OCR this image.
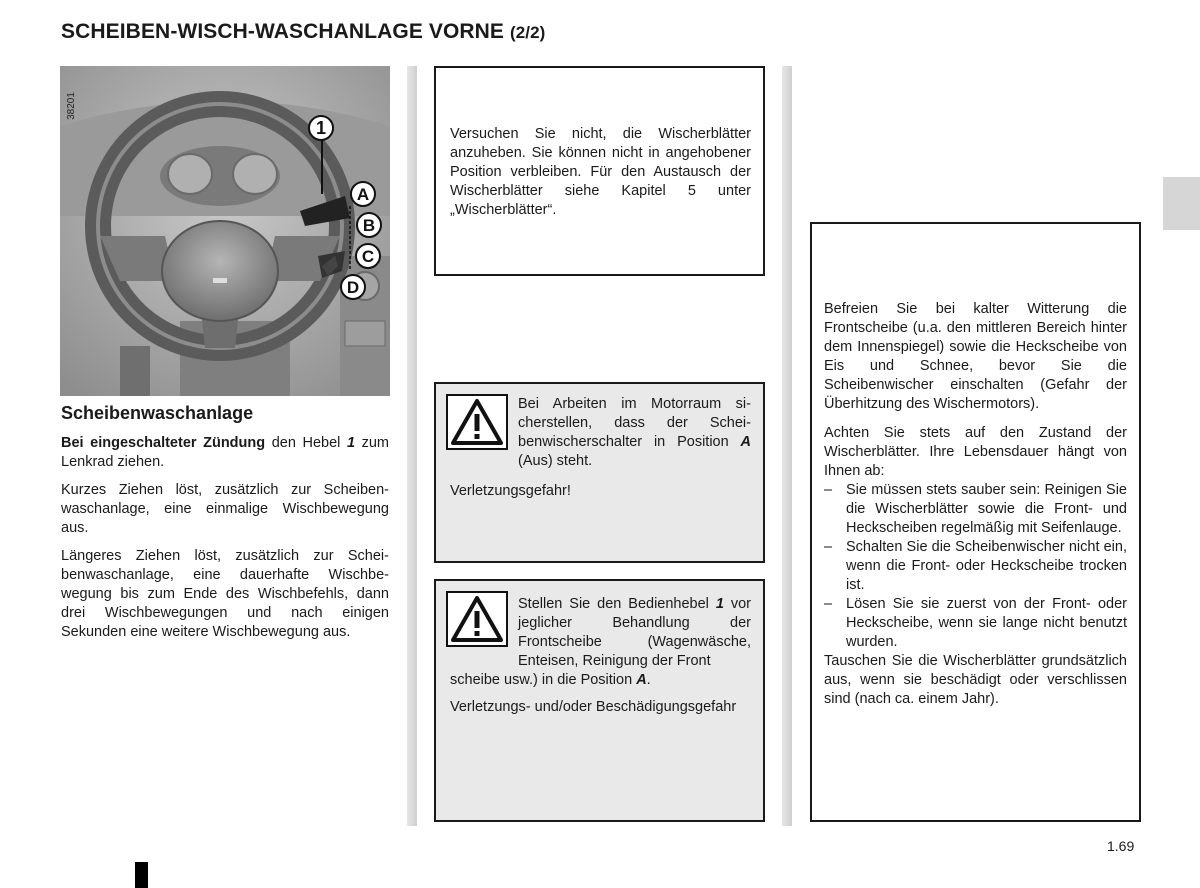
SCHEIBEN-WISCH-WASCHANLAGE VORNE (2/2)
1
A
B
C
D
38201
Scheibenwaschanlage

Bei eingeschalteter Zündung den Hebel 1 zum Lenkrad ziehen.

Kurzes Ziehen löst, zusätzlich zur Scheibenwaschanlage, eine einmalige Wischbewegung aus.

Längeres Ziehen löst, zusätzlich zur Scheibenwaschanlage, eine dauerhafte Wischbewegung bis zum Ende des Wischbefehls, dann drei Wischbewegungen und nach einigen Sekunden eine weitere Wischbewegung aus.

Versuchen Sie nicht, die Wischerblätter anzuheben. Sie können nicht in angehobener Position verbleiben. Für den Austausch der Wischerblätter siehe Kapitel 5 unter „Wischerblätter“.

Bei Arbeiten im Motorraum sicherstellen, dass der Scheibenwischerschalter in Position A (Aus) steht.

Verletzungsgefahr!

Stellen Sie den Bedienhebel 1 vor jeglicher Behandlung der Frontscheibe (Wagenwäsche, Enteisen, Reinigung der Front

scheibe usw.) in die Position A.

Verletzungs- und/oder Beschädigungsgefahr

Befreien Sie bei kalter Witterung die Frontscheibe (u.a. den mittleren Bereich hinter dem Innenspiegel) sowie die Heckscheibe von Eis und Schnee, bevor Sie die Scheibenwischer einschalten (Gefahr der Überhitzung des Wischermotors).

Achten Sie stets auf den Zustand der Wischerblätter. Ihre Lebensdauer hängt von Ihnen ab:

– Sie müssen stets sauber sein: Reinigen Sie die Wischerblätter sowie die Front- und Heckscheiben regelmäßig mit Seifenlauge.
– Schalten Sie die Scheibenwischer nicht ein, wenn die Front- oder Heckscheibe trocken ist.
– Lösen Sie sie zuerst von der Front- oder Heckscheibe, wenn sie lange nicht benutzt wurden.

Tauschen Sie die Wischerblätter grundsätzlich aus, wenn sie beschädigt oder verschlissen sind (nach ca. einem Jahr).

1.69
